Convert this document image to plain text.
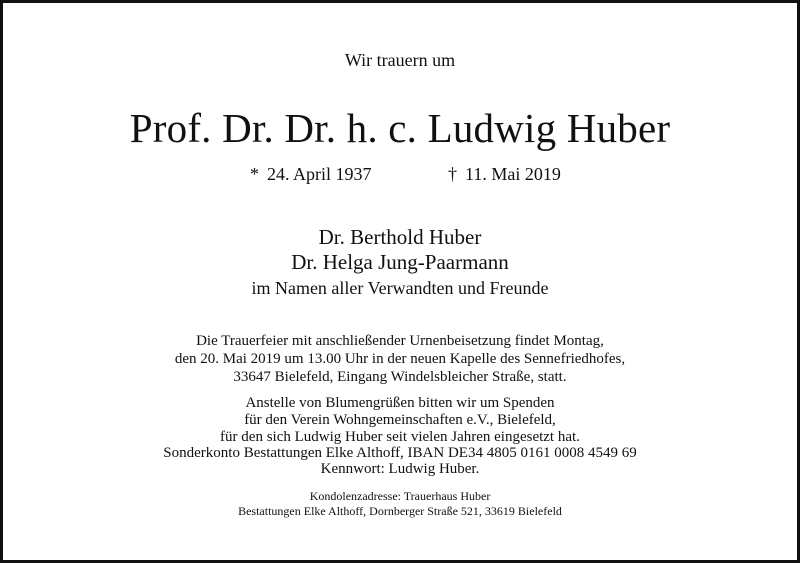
Wir trauern um
Prof. Dr. Dr. h. c. Ludwig Huber
* 24. April 1937	† 11. Mai 2019
Dr. Berthold Huber
Dr. Helga Jung-Paarmann
im Namen aller Verwandten und Freunde
Die Trauerfeier mit anschließender Urnenbeisetzung findet Montag,
den 20. Mai 2019 um 13.00 Uhr in der neuen Kapelle des Sennefriedhofes,
33647 Bielefeld, Eingang Windelsbleicher Straße, statt.
Anstelle von Blumengrüßen bitten wir um Spenden
für den Verein Wohngemeinschaften e.V., Bielefeld,
für den sich Ludwig Huber seit vielen Jahren eingesetzt hat.
Sonderkonto Bestattungen Elke Althoff, IBAN DE34 4805 0161 0008 4549 69
Kennwort: Ludwig Huber.
Kondolenzadresse: Trauerhaus Huber
Bestattungen Elke Althoff, Dornberger Straße 521, 33619 Bielefeld
